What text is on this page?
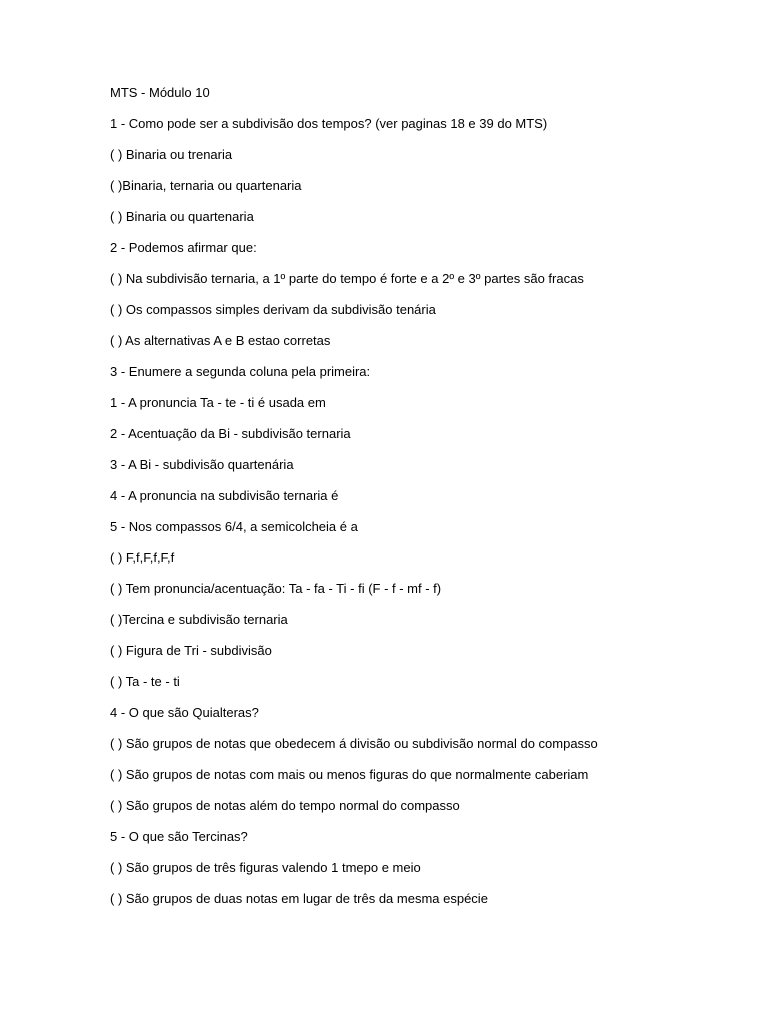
MTS - Módulo 10

1 - Como pode ser a subdivisão dos tempos? (ver paginas 18 e 39 do MTS)

( ) Binaria ou trenaria

( )Binaria, ternaria ou quartenaria

( ) Binaria ou quartenaria

2 - Podemos afirmar que:

( ) Na subdivisão ternaria, a 1º parte do tempo é forte e a 2º e 3º partes são fracas

( ) Os compassos simples derivam da subdivisão tenária

( ) As alternativas A e B estao corretas

3 - Enumere a segunda coluna pela primeira:

1 - A pronuncia Ta - te - ti é usada em

2 - Acentuação da Bi - subdivisão ternaria

3 - A Bi - subdivisão quartenária

4 - A pronuncia na subdivisão ternaria é

5 - Nos compassos 6/4, a semicolcheia é a

( ) F,f,F,f,F,f

( ) Tem pronuncia/acentuação: Ta - fa - Ti - fi (F - f - mf - f)

( )Tercina e subdivisão ternaria

( ) Figura de Tri - subdivisão

( ) Ta - te - ti

4 - O que são Quialteras?

( ) São grupos de notas que obedecem á divisão ou subdivisão normal do compasso

( ) São grupos de notas com mais ou menos figuras do que normalmente caberiam

( ) São grupos de notas além do tempo normal do compasso

5 - O que são Tercinas?

( ) São grupos de três figuras valendo 1 tmepo e meio

( ) São grupos de duas notas em lugar de três da mesma espécie
